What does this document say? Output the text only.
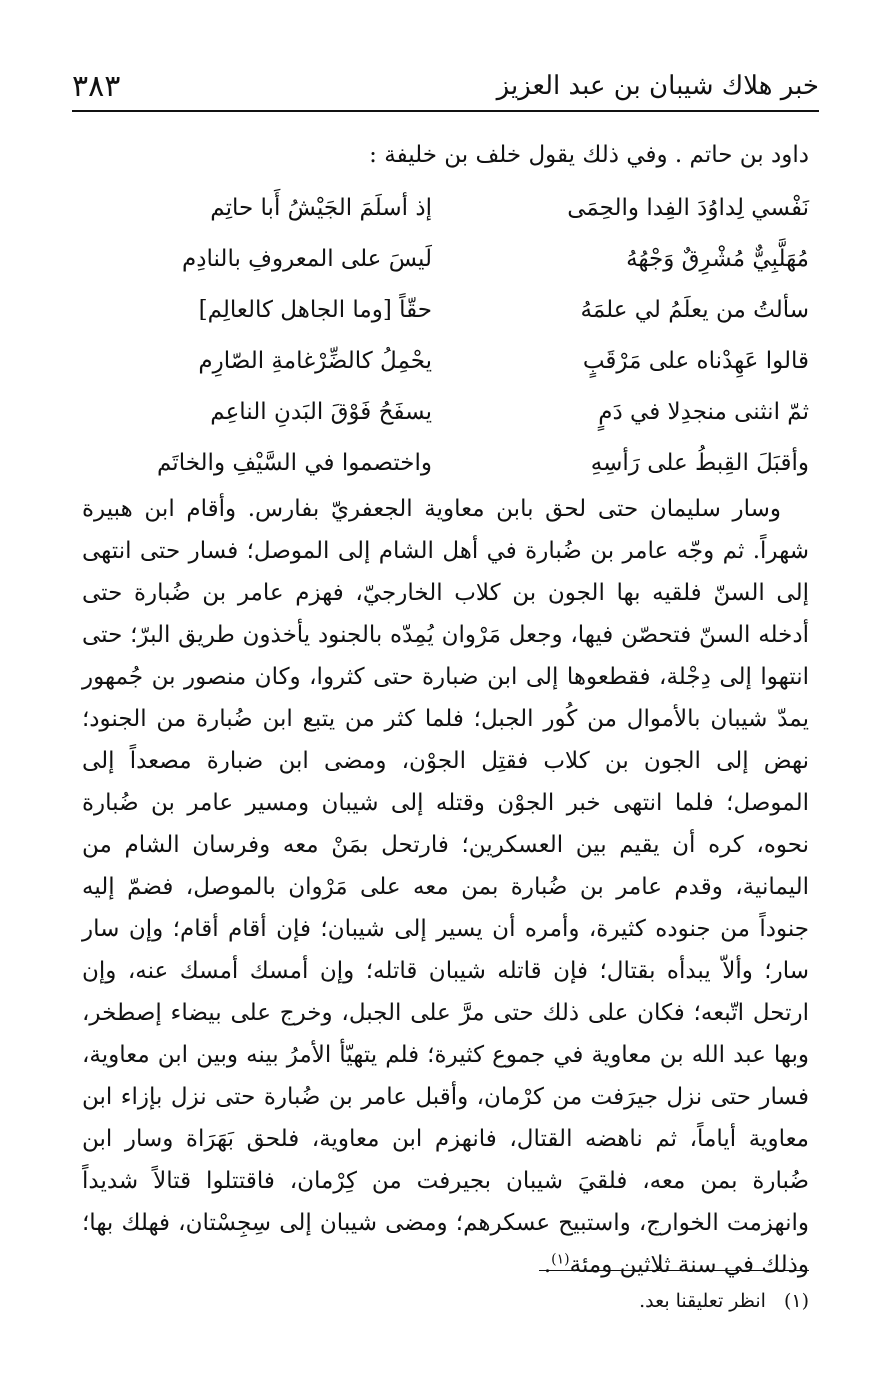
خبر هلاك شيبان بن عبد العزيز
٣٨٣
داود بن حاتم . وفي ذلك يقول خلف بن خليفة :
نَفْسي لِداوُدَ الفِدا والحِمَى
إذ أسلَمَ الجَيْشُ أَبا حاتِم
مُهَلَّبِيٌّ مُشْرِقٌ وَجْهُهُ
لَيسَ على المعروفِ بالنادِم
سألتُ من يعلَمُ لي علمَهُ
حقّاً [وما الجاهل كالعالِم]
قالوا عَهِدْناه على مَرْقَبٍ
يحْمِلُ كالضِّرْغامةِ الصّارِم
ثمّ انثنى منجدِلا في دَمٍ
يسفَحُ فَوْقَ البَدنِ الناعِم
وأقبَلَ القِبطُ على رَأسِهِ
واختصموا في السَّيْفِ والخاتَم

وسار سليمان حتى لحق بابن معاوية الجعفريّ بفارس. وأقام ابن هبيرة شهراً. ثم وجّه عامر بن ضُبارة في أهل الشام إلى الموصل؛ فسار حتى انتهى إلى السنّ فلقيه بها الجون بن كلاب الخارجيّ، فهزم عامر بن ضُبارة حتى أدخله السنّ فتحصّن فيها، وجعل مَرْوان يُمِدّه بالجنود يأخذون طريق البرّ؛ حتى انتهوا إلى دِجْلة، فقطعوها إلى ابن ضبارة حتى كثروا، وكان منصور بن جُمهور يمدّ شيبان بالأموال من كُور الجبل؛ فلما كثر من يتبع ابن ضُبارة من الجنود؛ نهض إلى الجون بن كلاب فقتِل الجوْن، ومضى ابن ضبارة مصعداً إلى الموصل؛ فلما انتهى خبر الجوْن وقتله إلى شيبان ومسير عامر بن ضُبارة نحوه، كره أن يقيم بين العسكرين؛ فارتحل بمَنْ معه وفرسان الشام من اليمانية، وقدم عامر بن ضُبارة بمن معه على مَرْوان بالموصل، فضمّ إليه جنوداً من جنوده كثيرة، وأمره أن يسير إلى شيبان؛ فإن أقام أقام؛ وإن سار سار؛ وألاّ يبدأه بقتال؛ فإن قاتله شيبان قاتله؛ وإن أمسك أمسك عنه، وإن ارتحل اتّبعه؛ فكان على ذلك حتى مرَّ على الجبل، وخرج على بيضاء إصطخر، وبها عبد الله بن معاوية في جموع كثيرة؛ فلم يتهيّأ الأمرُ بينه وبين ابن معاوية، فسار حتى نزل جيرَفت من كرْمان، وأقبل عامر بن ضُبارة حتى نزل بإزاء ابن معاوية أياماً، ثم ناهضه القتال، فانهزم ابن معاوية، فلحق بَهَرَاة وسار ابن ضُبارة بمن معه، فلقيَ شيبان بجيرفت من كِرْمان، فاقتتلوا قتالاً شديداً وانهزمت الخوارج، واستبيح عسكرهم؛ ومضى شيبان إلى سِجِسْتان، فهلك بها؛ وذلك في سنة ثلاثين ومئة$^{(١)}$.

(١)انظر تعليقنا بعد.
